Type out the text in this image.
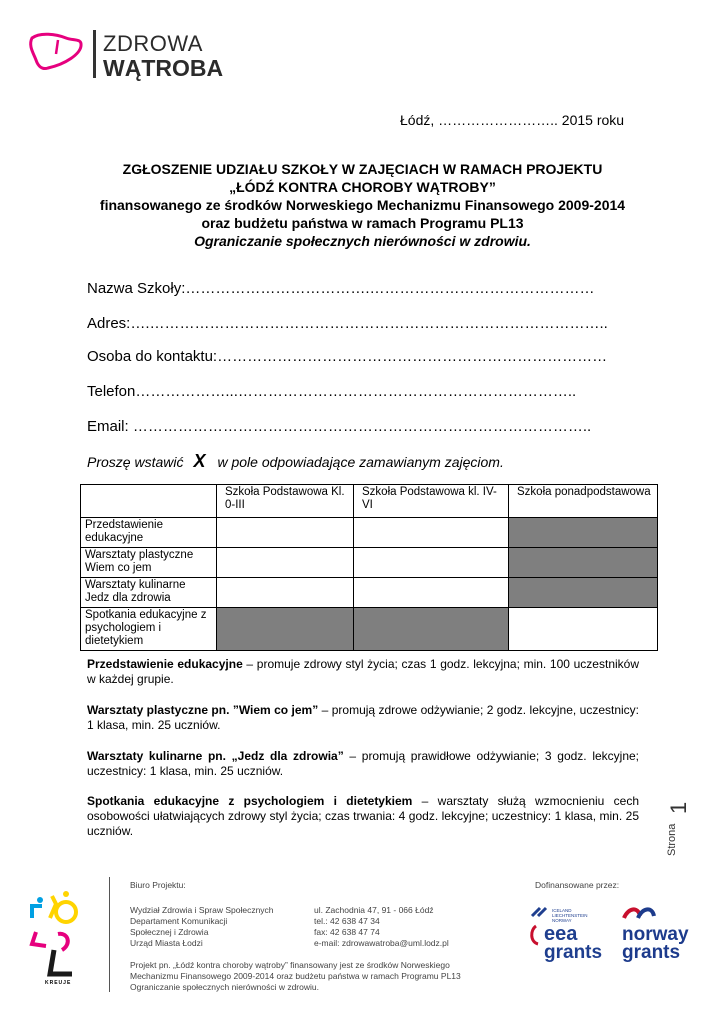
ZDROWA
WĄTROBA
Łódź, …………………….. 2015 roku
ZGŁOSZENIE UDZIAŁU SZKOŁY W ZAJĘCIACH W RAMACH PROJEKTU
„ŁÓDŹ KONTRA CHOROBY WĄTROBY”
finansowanego ze środków Norweskiego Mechanizmu Finansowego 2009-2014
oraz budżetu państwa w ramach Programu PL13
Ograniczanie społecznych nierówności w zdrowiu.
Nazwa Szkoły:……………………………….………………………………………
Adres:….………………………………………………………………………………..
Osoba do kontaktu:……………………………………………………………………
Telefon………………...…………………………………………………………..
Email: ………………………………………………………………………………..
Proszę wstawić X w pole odpowiadające zamawianym zajęciom.
	Szkoła Podstawowa Kl. 0-III	Szkoła Podstawowa kl. IV-VI	Szkoła ponadpodstawowa
Przedstawienie edukacyjne			
Warsztaty plastyczne Wiem co jem			
Warsztaty kulinarne Jedz dla zdrowia			
Spotkania edukacyjne z psychologiem i dietetykiem			
Przedstawienie edukacyjne – promuje zdrowy styl życia; czas 1 godz. lekcyjna; min. 100 uczestników w każdej grupie.
Warsztaty plastyczne pn. ”Wiem co jem” – promują zdrowe odżywianie; 2 godz. lekcyjne, uczestnicy: 1 klasa, min. 25 uczniów.
Warsztaty kulinarne pn. „Jedz dla zdrowia” – promują prawidłowe odżywianie; 3 godz. lekcyjne; uczestnicy: 1 klasa, min. 25 uczniów.
Spotkania edukacyjne z psychologiem i dietetykiem – warsztaty służą wzmocnieniu cech osobowości ułatwiających zdrowy styl życia; czas trwania: 4 godz. lekcyjne; uczestnicy: 1 klasa, min. 25 uczniów.	Strona
1
KREUJE
Biuro Projektu:
Wydział Zdrowia i Spraw Społecznych
Departament Komunikacji
Społecznej i Zdrowia
Urząd Miasta Łodzi
ul. Zachodnia 47, 91 - 066 Łódź
tel.: 42 638 47 34
fax: 42 638 47 74
e-mail: zdrowawatroba@uml.lodz.pl
Projekt pn. „Łódź kontra choroby wątroby” finansowany jest ze środków Norweskiego
Mechanizmu Finansowego 2009-2014 oraz budżetu państwa w ramach Programu PL13
Ograniczanie społecznych nierówności w zdrowiu.
Dofinansowane przez:
ICELAND
LIECHTENSTEIN
NORWAY
eea
grants
norway
grants
